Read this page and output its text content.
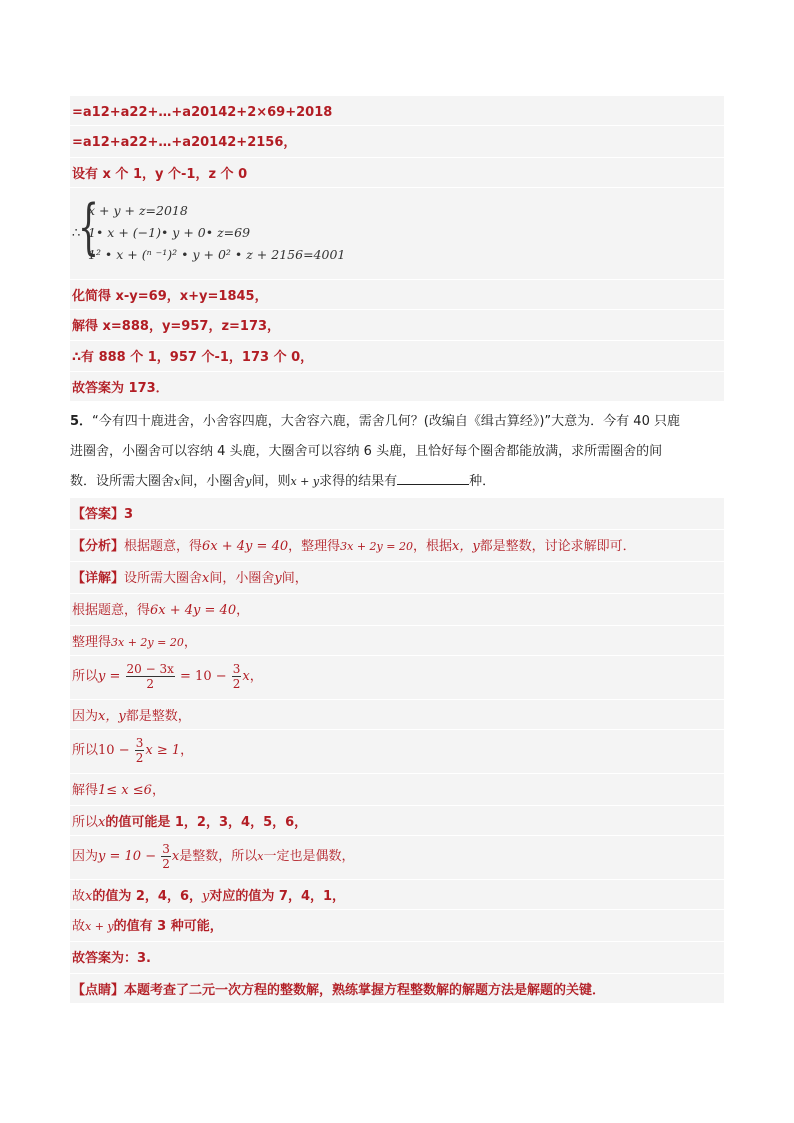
=a12+a22+…+a20142+2×69+2018
=a12+a22+…+a20142+2156，
设有 x 个 1，y 个-1，z 个 0
∴
{
x + y + z=2018
1• x + (−1)• y + 0• z=69
1² • x + (ⁿ ⁻¹)² • y + 0² • z + 2156=4001
化简得 x-y=69，x+y=1845，
解得 x=888，y=957，z=173，
∴有 888 个 1，957 个-1，173 个 0，
故答案为 173．
5．“今有四十鹿进舍，小舍容四鹿，大舍容六鹿，需舍几何？(改编自《缉古算经》)”大意为．今有 40 只鹿
进圈舍，小圈舍可以容纳 4 头鹿，大圈舍可以容纳 6 头鹿，且恰好每个圈舍都能放满，求所需圈舍的间
数．设所需大圈舍x间，小圈舍y间，则x + y求得的结果有	种．
【答案】3
【分析】根据题意，得6x + 4y = 40，整理得3x + 2y = 20，根据x，y都是整数，讨论求解即可．
【详解】设所需大圈舍x间，小圈舍y间，
根据题意，得6x + 4y = 40，
整理得3x + 2y = 20，
所以$y = \frac{20 - 3x}{2} = 10 - \frac{3}{2}$ x，
因为x，y都是整数，
所以$10 - \frac{3}{2}$ x ≥ 1，
解得1≤ x ≤6，
所以x的值可能是 1，2，3，4，5，6，
因为$y = 10 - \frac{3}{2}$ x是整数，所以x一定也是偶数，
故x的值为 2，4，6，y对应的值为 7，4，1，
故x + y的值有 3 种可能，
故答案为：3.
【点睛】本题考查了二元一次方程的整数解，熟练掌握方程整数解的解题方法是解题的关键．
